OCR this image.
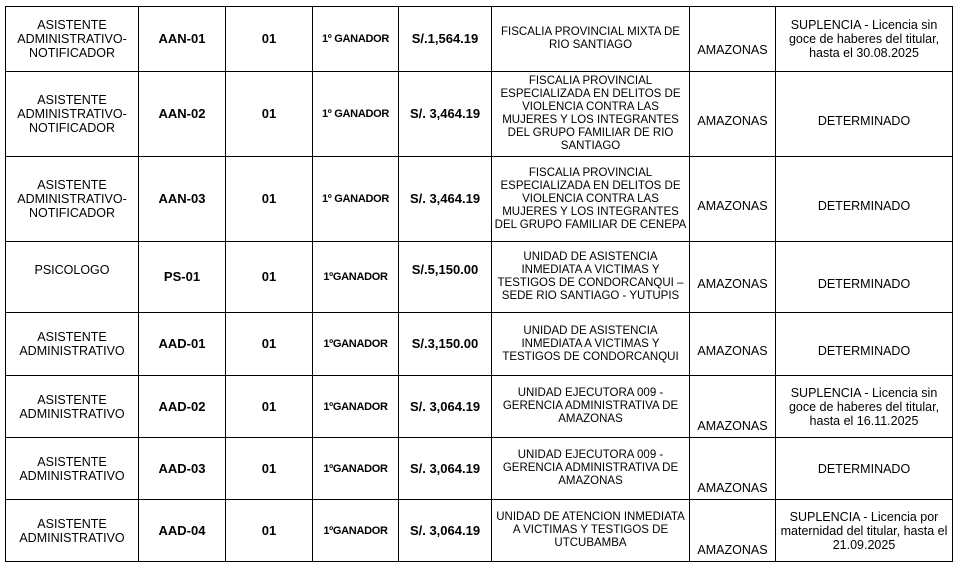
ASISTENTE ADMINISTRATIVO-NOTIFICADOR	AAN-01	01	1º GANADOR	S/.1,564.19	FISCALIA PROVINCIAL MIXTA DE RIO SANTIAGO	AMAZONAS	SUPLENCIA - Licencia sin goce de haberes del titular, hasta el 30.08.2025
ASISTENTE ADMINISTRATIVO-NOTIFICADOR	AAN-02	01	1º GANADOR	S/. 3,464.19	FISCALIA PROVINCIAL ESPECIALIZADA EN DELITOS DE VIOLENCIA CONTRA LAS MUJERES Y LOS INTEGRANTES DEL GRUPO FAMILIAR DE RIO SANTIAGO	AMAZONAS	DETERMINADO
ASISTENTE ADMINISTRATIVO-NOTIFICADOR	AAN-03	01	1º GANADOR	S/. 3,464.19	FISCALIA PROVINCIAL ESPECIALIZADA EN DELITOS DE VIOLENCIA CONTRA LAS MUJERES Y LOS INTEGRANTES DEL GRUPO FAMILIAR DE CENEPA	AMAZONAS	DETERMINADO
PSICOLOGO	PS-01	01	1ºGANADOR	S/.5,150.00	UNIDAD DE ASISTENCIA INMEDIATA A VICTIMAS Y TESTIGOS DE CONDORCANQUI – SEDE RIO SANTIAGO - YUTUPIS	AMAZONAS	DETERMINADO
ASISTENTE ADMINISTRATIVO	AAD-01	01	1ºGANADOR	S/.3,150.00	UNIDAD DE ASISTENCIA INMEDIATA A VICTIMAS Y TESTIGOS DE CONDORCANQUI	AMAZONAS	DETERMINADO
ASISTENTE ADMINISTRATIVO	AAD-02	01	1ºGANADOR	S/. 3,064.19	UNIDAD EJECUTORA 009 - GERENCIA ADMINISTRATIVA DE AMAZONAS	AMAZONAS	SUPLENCIA - Licencia sin goce de haberes del titular, hasta el 16.11.2025
ASISTENTE ADMINISTRATIVO	AAD-03	01	1ºGANADOR	S/. 3,064.19	UNIDAD EJECUTORA 009 - GERENCIA ADMINISTRATIVA DE AMAZONAS	AMAZONAS	DETERMINADO
ASISTENTE ADMINISTRATIVO	AAD-04	01	1ºGANADOR	S/. 3,064.19	UNIDAD DE ATENCION INMEDIATA A VICTIMAS Y TESTIGOS DE UTCUBAMBA	AMAZONAS	SUPLENCIA - Licencia por maternidad del titular, hasta el 21.09.2025
